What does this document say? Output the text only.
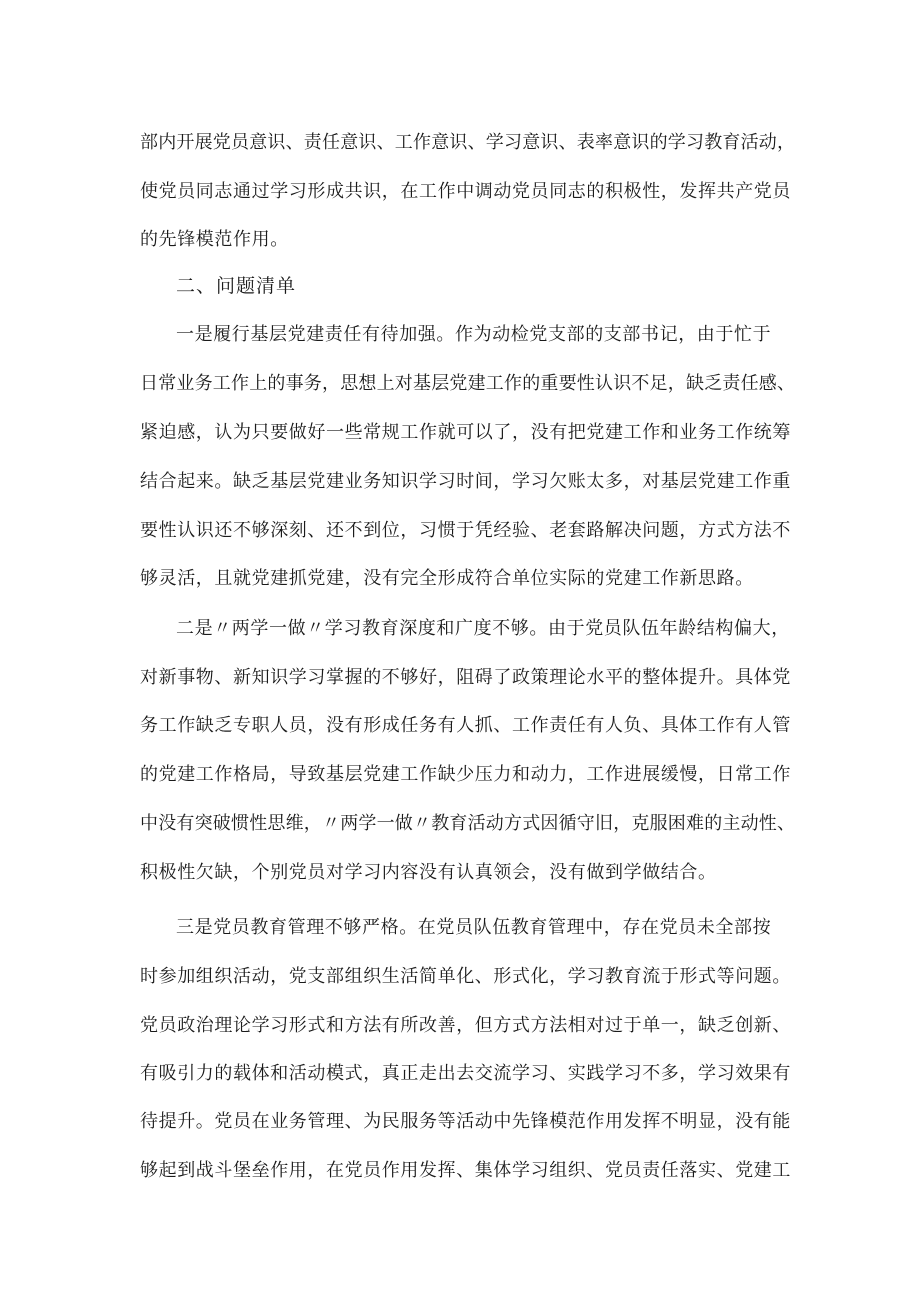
部内开展党员意识、责任意识、工作意识、学习意识、表率意识的学习教育活动，
使党员同志通过学习形成共识，在工作中调动党员同志的积极性，发挥共产党员
的先锋模范作用。
二、问题清单
一是履行基层党建责任有待加强。作为动检党支部的支部书记，由于忙于
日常业务工作上的事务，思想上对基层党建工作的重要性认识不足，缺乏责任感、
紧迫感，认为只要做好一些常规工作就可以了，没有把党建工作和业务工作统筹
结合起来。缺乏基层党建业务知识学习时间，学习欠账太多，对基层党建工作重
要性认识还不够深刻、还不到位，习惯于凭经验、老套路解决问题，方式方法不
够灵活，且就党建抓党建，没有完全形成符合单位实际的党建工作新思路。
二是〃两学一做〃学习教育深度和广度不够。由于党员队伍年龄结构偏大，
对新事物、新知识学习掌握的不够好，阻碍了政策理论水平的整体提升。具体党
务工作缺乏专职人员，没有形成任务有人抓、工作责任有人负、具体工作有人管
的党建工作格局，导致基层党建工作缺少压力和动力，工作进展缓慢，日常工作
中没有突破惯性思维，〃两学一做〃教育活动方式因循守旧，克服困难的主动性、
积极性欠缺，个别党员对学习内容没有认真领会，没有做到学做结合。
三是党员教育管理不够严格。在党员队伍教育管理中，存在党员未全部按
时参加组织活动，党支部组织生活简单化、形式化，学习教育流于形式等问题。
党员政治理论学习形式和方法有所改善，但方式方法相对过于单一，缺乏创新、
有吸引力的载体和活动模式，真正走出去交流学习、实践学习不多，学习效果有
待提升。党员在业务管理、为民服务等活动中先锋模范作用发挥不明显，没有能
够起到战斗堡垒作用，在党员作用发挥、集体学习组织、党员责任落实、党建工
